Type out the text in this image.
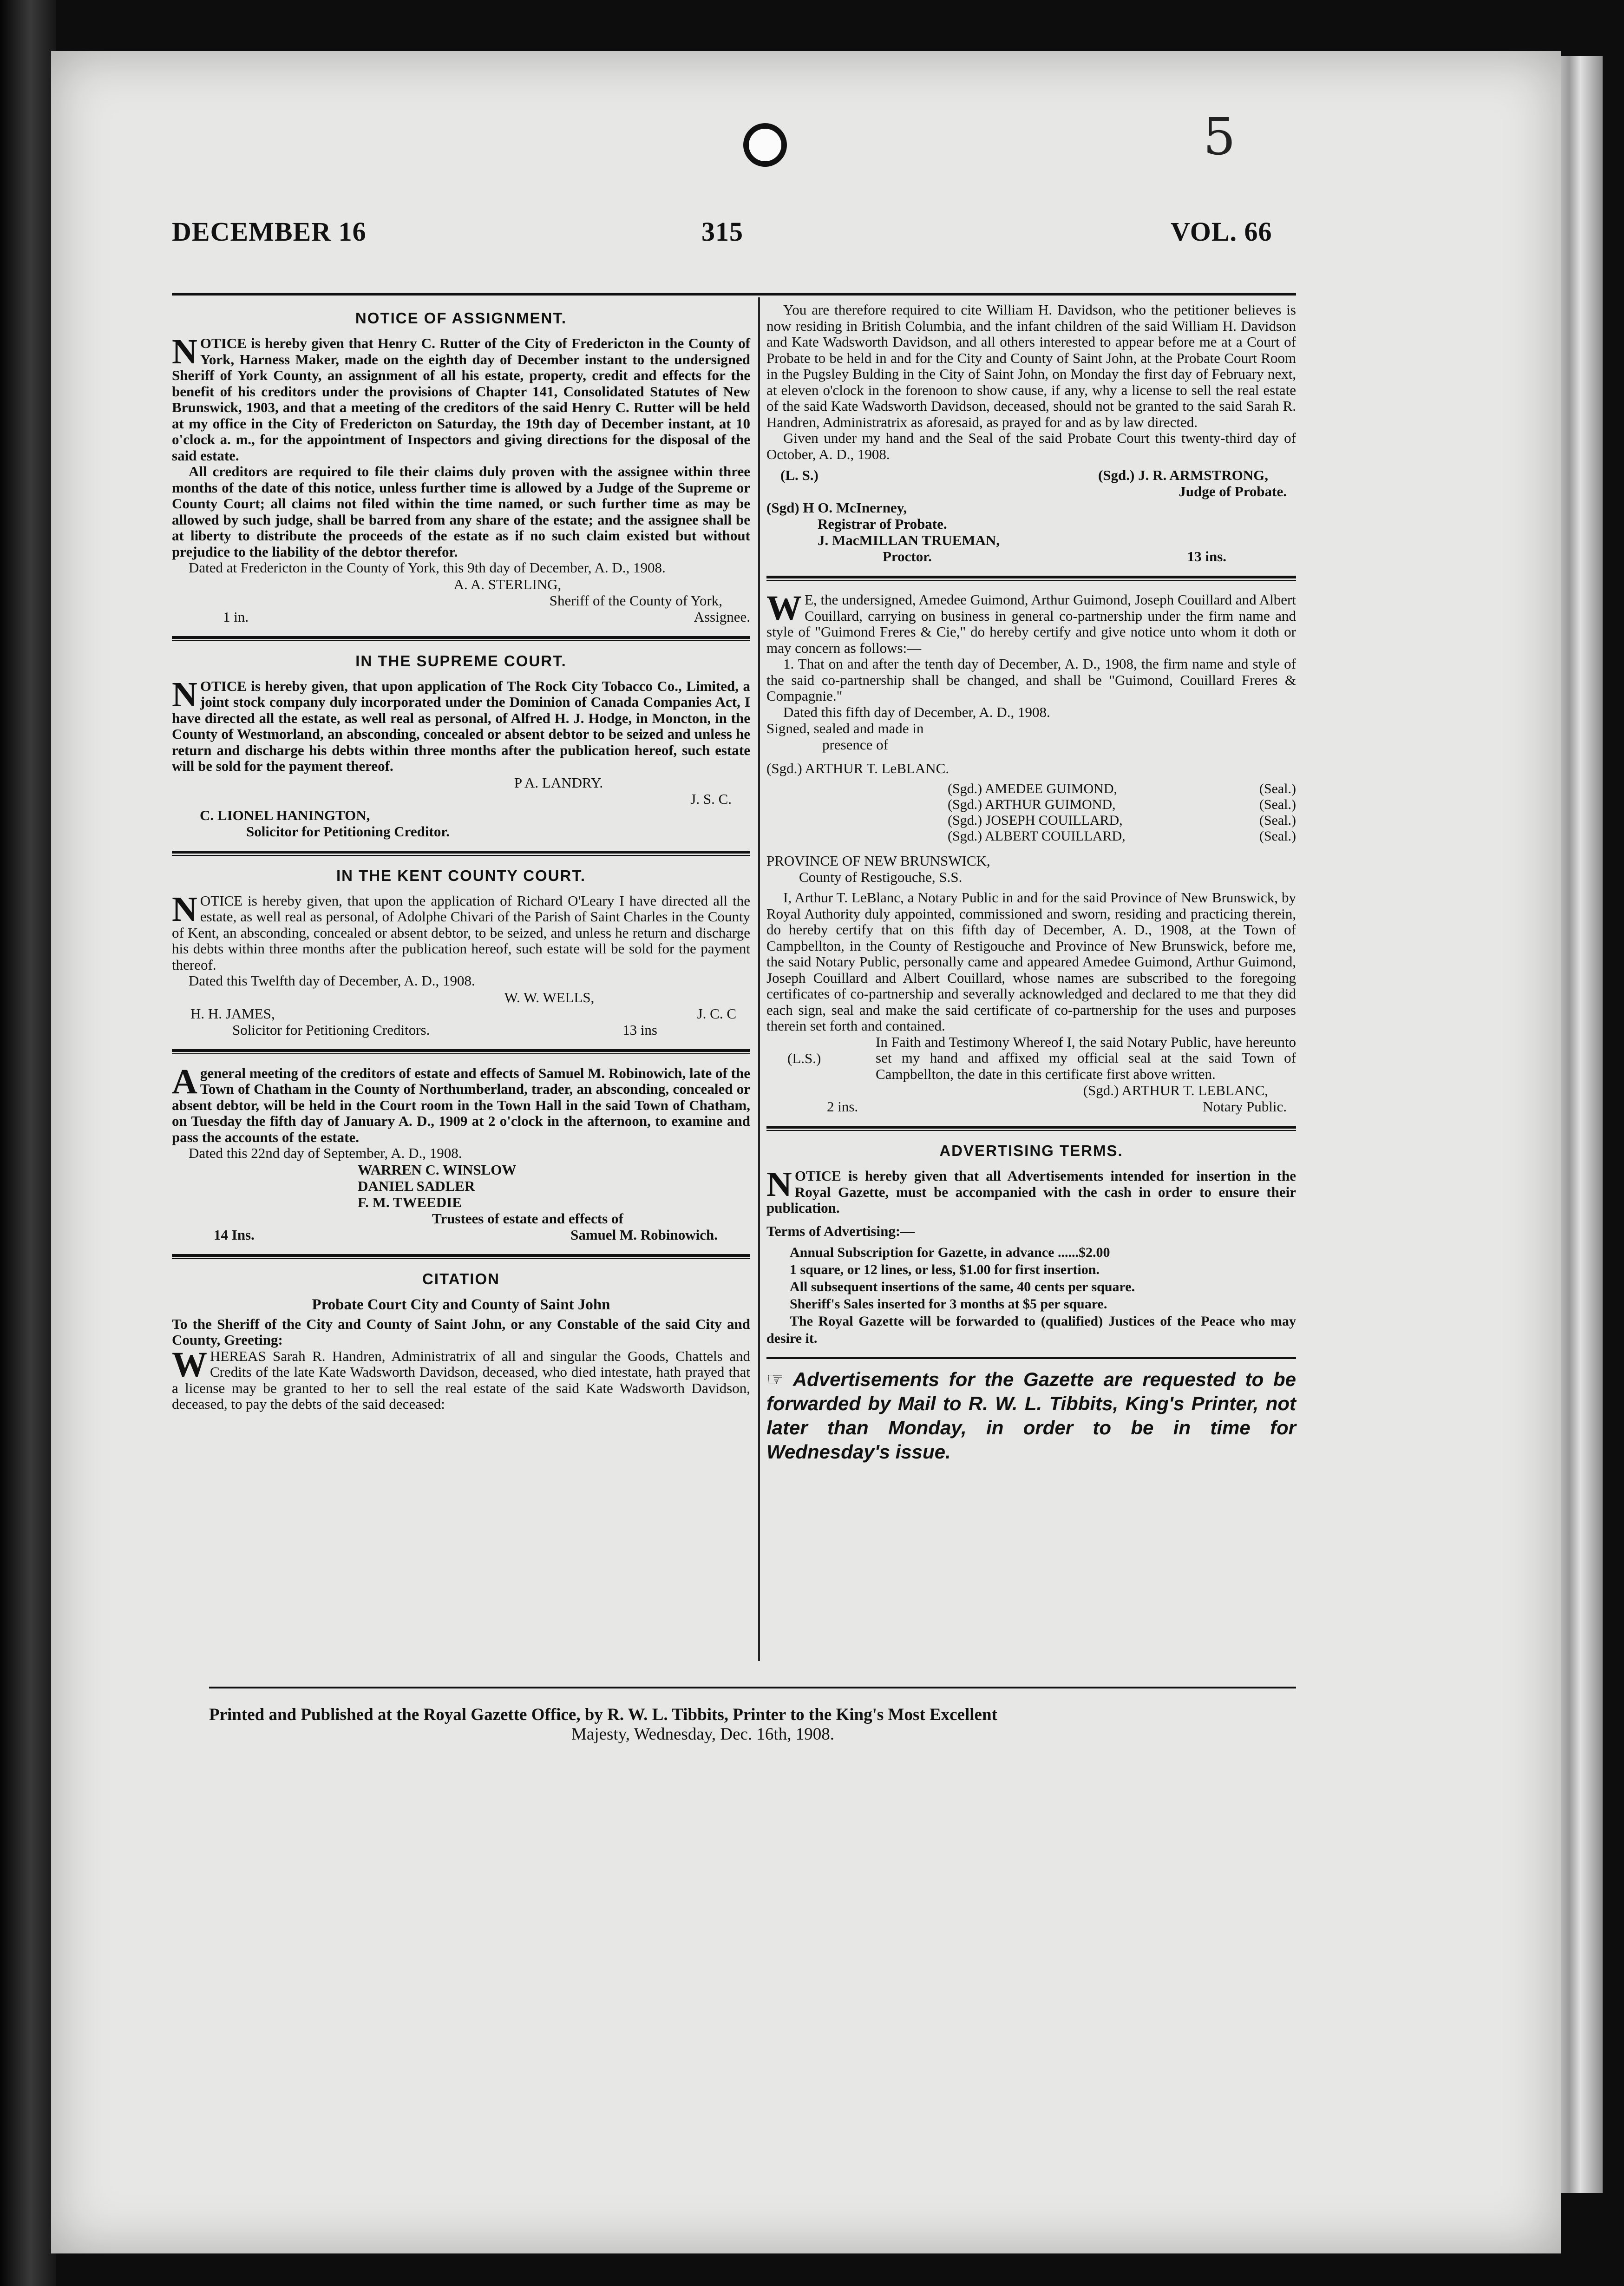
5
DECEMBER 16	315	VOL. 66
NOTICE OF ASSIGNMENT.

NOTICE is hereby given that Henry C. Rutter of the City of Fredericton in the County of York, Harness Maker, made on the eighth day of December instant to the undersigned Sheriff of York County, an assignment of all his estate, property, credit and effects for the benefit of his creditors under the provisions of Chapter 141, Consolidated Statutes of New Brunswick, 1903, and that a meeting of the creditors of the said Henry C. Rutter will be held at my office in the City of Fredericton on Saturday, the 19th day of December instant, at 10 o'clock a. m., for the appointment of Inspectors and giving directions for the disposal of the said estate.

All creditors are required to file their claims duly proven with the assignee within three months of the date of this notice, unless further time is allowed by a Judge of the Supreme or County Court; all claims not filed within the time named, or such further time as may be allowed by such judge, shall be barred from any share of the estate; and the assignee shall be at liberty to distribute the proceeds of the estate as if no such claim existed but without prejudice to the liability of the debtor therefor.

Dated at Fredericton in the County of York, this 9th day of December, A. D., 1908.

A. A. STERLING,
Sheriff of the County of York,
1 in.	Assignee.
IN THE SUPREME COURT.

NOTICE is hereby given, that upon application of The Rock City Tobacco Co., Limited, a joint stock company duly incorporated under the Dominion of Canada Companies Act, I have directed all the estate, as well real as personal, of Alfred H. J. Hodge, in Moncton, in the County of Westmorland, an absconding, concealed or absent debtor to be seized and unless he return and discharge his debts within three months after the publication hereof, such estate will be sold for the payment thereof.

P A. LANDRY.
J. S. C.
C. LIONEL HANINGTON,
Solicitor for Petitioning Creditor.
IN THE KENT COUNTY COURT.

NOTICE is hereby given, that upon the application of Richard O'Leary I have directed all the estate, as well real as personal, of Adolphe Chivari of the Parish of Saint Charles in the County of Kent, an absconding, concealed or absent debtor, to be seized, and unless he return and discharge his debts within three months after the publication hereof, such estate will be sold for the payment thereof.

Dated this Twelfth day of December, A. D., 1908.

W. W. WELLS,
H. H. JAMES,	J. C. C
Solicitor for Petitioning Creditors.	13 ins

Ageneral meeting of the creditors of estate and effects of Samuel M. Robinowich, late of the Town of Chatham in the County of Northumberland, trader, an absconding, concealed or absent debtor, will be held in the Court room in the Town Hall in the said Town of Chatham, on Tuesday the fifth day of January A. D., 1909 at 2 o'clock in the afternoon, to examine and pass the accounts of the estate.

Dated this 22nd day of September, A. D., 1908.

WARREN C. WINSLOW
DANIEL SADLER
F. M. TWEEDIE
Trustees of estate and effects of
14 Ins.	Samuel M. Robinowich.
CITATION
Probate Court City and County of Saint John

To the Sheriff of the City and County of Saint John, or any Constable of the said City and County, Greeting:

WHEREAS Sarah R. Handren, Administratrix of all and singular the Goods, Chattels and Credits of the late Kate Wadsworth Davidson, deceased, who died intestate, hath prayed that a license may be granted to her to sell the real estate of the said Kate Wadsworth Davidson, deceased, to pay the debts of the said deceased:

You are therefore required to cite William H. Davidson, who the petitioner believes is now residing in British Columbia, and the infant children of the said William H. Davidson and Kate Wadsworth Davidson, and all others interested to appear before me at a Court of Probate to be held in and for the City and County of Saint John, at the Probate Court Room in the Pugsley Bulding in the City of Saint John, on Monday the first day of February next, at eleven o'clock in the forenoon to show cause, if any, why a license to sell the real estate of the said Kate Wadsworth Davidson, deceased, should not be granted to the said Sarah R. Handren, Administratrix as aforesaid, as prayed for and as by law directed.

Given under my hand and the Seal of the said Probate Court this twenty-third day of October, A. D., 1908.

(L. S.)	(Sgd.) J. R. ARMSTRONG,
Judge of Probate.
(Sgd) H O. McInerney,
Registrar of Probate.
J. MacMILLAN TRUEMAN,
Proctor.	13 ins.

W E, the undersigned, Amedee Guimond, Arthur Guimond, Joseph Couillard and Albert Couillard, carrying on business in general co-partnership under the firm name and style of "Guimond Freres & Cie," do hereby certify and give notice unto whom it doth or may concern as follows:—

1. That on and after the tenth day of December, A. D., 1908, the firm name and style of the said co-partnership shall be changed, and shall be "Guimond, Couillard Freres & Compagnie."

Dated this fifth day of December, A. D., 1908.

Signed, sealed and made in
presence of
(Sgd.) ARTHUR T. LeBLANC.
(Sgd.) AMEDEE GUIMOND,	(Seal.)
(Sgd.) ARTHUR GUIMOND,	(Seal.)
(Sgd.) JOSEPH COUILLARD,	(Seal.)
(Sgd.) ALBERT COUILLARD,	(Seal.)
PROVINCE OF NEW BRUNSWICK,
County of Restigouche, S.S.

I, Arthur T. LeBlanc, a Notary Public in and for the said Province of New Brunswick, by Royal Authority duly appointed, commissioned and sworn, residing and practicing therein, do hereby certify that on this fifth day of December, A. D., 1908, at the Town of Campbellton, in the County of Restigouche and Province of New Brunswick, before me, the said Notary Public, personally came and appeared Amedee Guimond, Arthur Guimond, Joseph Couillard and Albert Couillard, whose names are subscribed to the foregoing certificates of co-partnership and severally acknowledged and declared to me that they did each sign, seal and make the said certificate of co-partnership for the uses and purposes therein set forth and contained.

(L.S.)

In Faith and Testimony Whereof I, the said Notary Public, have hereunto set my hand and affixed my official seal at the said Town of Campbellton, the date in this certificate first above written.

(Sgd.) ARTHUR T. LEBLANC,
2 ins.	Notary Public.
ADVERTISING TERMS.

NOTICE is hereby given that all Advertisements intended for insertion in the Royal Gazette, must be accompanied with the cash in order to ensure their publication.

Terms of Advertising:—

Annual Subscription for Gazette, in advance ......$2.00

1 square, or 12 lines, or less, $1.00 for first insertion.

All subsequent insertions of the same, 40 cents per square.

Sheriff's Sales inserted for 3 months at $5 per square.

The Royal Gazette will be forwarded to (qualified) Justices of the Peace who may desire it.

☞ Advertisements for the Gazette are requested to be forwarded by Mail to R. W. L. Tibbits, King's Printer, not later than Monday, in order to be in time for Wednesday's issue.

Printed and Published at the Royal Gazette Office, by R. W. L. Tibbits, Printer to the King's Most Excellent
Majesty, Wednesday, Dec. 16th, 1908.
